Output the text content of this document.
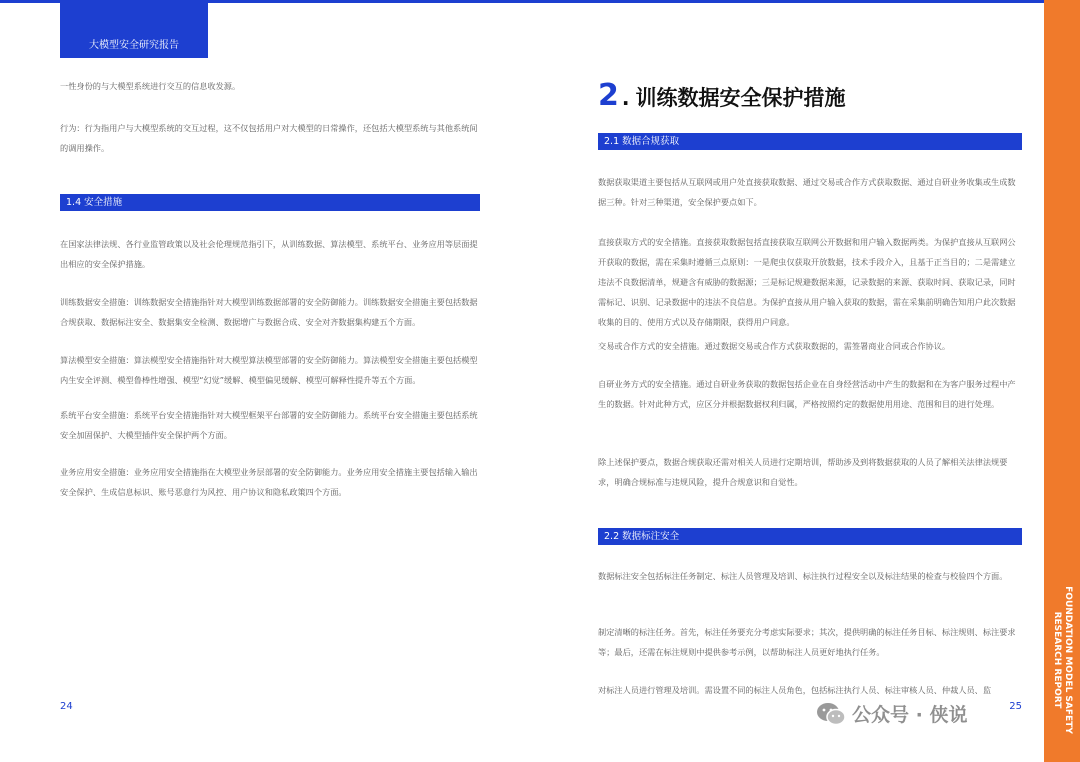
大模型安全研究报告

一性身份的与大模型系统进行交互的信息收发源。

行为：行为指用户与大模型系统的交互过程，这不仅包括用户对大模型的日常操作，还包括大模型系统与其他系统间的调用操作。

1.4 安全措施

在国家法律法规、各行业监管政策以及社会伦理规范指引下，从训练数据、算法模型、系统平台、业务应用等层面提出相应的安全保护措施。

训练数据安全措施：训练数据安全措施指针对大模型训练数据部署的安全防御能力。训练数据安全措施主要包括数据合规获取、数据标注安全、数据集安全检测、数据增广与数据合成、安全对齐数据集构建五个方面。

算法模型安全措施：算法模型安全措施指针对大模型算法模型部署的安全防御能力。算法模型安全措施主要包括模型内生安全评测、模型鲁棒性增强、模型“幻觉”缓解、模型偏见缓解、模型可解释性提升等五个方面。

系统平台安全措施：系统平台安全措施指针对大模型框架平台部署的安全防御能力。系统平台安全措施主要包括系统安全加固保护、大模型插件安全保护两个方面。

业务应用安全措施：业务应用安全措施指在大模型业务层部署的安全防御能力。业务应用安全措施主要包括输入输出安全保护、生成信息标识、账号恶意行为风控、用户协议和隐私政策四个方面。

24
2 . 训练数据安全保护措施
2.1 数据合规获取

数据获取渠道主要包括从互联网或用户处直接获取数据、通过交易或合作方式获取数据、通过自研业务收集或生成数据三种。针对三种渠道，安全保护要点如下。

直接获取方式的安全措施。直接获取数据包括直接获取互联网公开数据和用户输入数据两类。为保护直接从互联网公开获取的数据，需在采集时遵循三点原则：一是爬虫仅获取开放数据，技术手段介入，且基于正当目的；二是需建立违法不良数据清单，规避含有威胁的数据源；三是标记规避数据来源，记录数据的来源、获取时间、获取记录，同时需标记、识别、记录数据中的违法不良信息。为保护直接从用户输入获取的数据，需在采集前明确告知用户此次数据收集的目的、使用方式以及存储期限，获得用户同意。

交易或合作方式的安全措施。通过数据交易或合作方式获取数据的，需签署商业合同或合作协议。

自研业务方式的安全措施。通过自研业务获取的数据包括企业在自身经营活动中产生的数据和在为客户服务过程中产生的数据。针对此种方式，应区分并根据数据权利归属，严格按照约定的数据使用用途、范围和目的进行处理。

除上述保护要点，数据合规获取还需对相关人员进行定期培训，帮助涉及到将数据获取的人员了解相关法律法规要求，明确合规标准与违规风险，提升合规意识和自觉性。

2.2 数据标注安全

数据标注安全包括标注任务制定、标注人员管理及培训、标注执行过程安全以及标注结果的检查与校验四个方面。

制定清晰的标注任务。首先，标注任务要充分考虑实际要求；其次，提供明确的标注任务目标、标注规则、标注要求等；最后，还需在标注规则中提供参考示例，以帮助标注人员更好地执行任务。

对标注人员进行管理及培训。需设置不同的标注人员角色，包括标注执行人员、标注审核人员、仲裁人员、监

25	FOUNDATION MODEL SAFETY
RESEARCH REPORT
公众号 · 侠说
